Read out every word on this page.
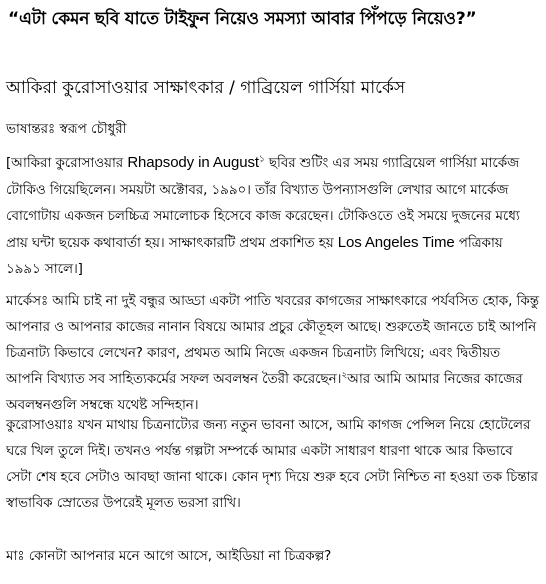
“এটা কেমন ছবি যাতে টাইফুন নিয়েও সমস্যা আবার পিঁপড়ে নিয়েও?”
আকিরা কুরোসাওয়ার সাক্ষাৎকার / গাব্রিয়েল গার্সিয়া মার্কেস
ভাষান্তরঃ স্বরূপ চৌধুরী
[আকিরা কুরোসাওয়ার Rhapsody in August$^১$ ছবির শুটিং এর সময় গ্যাব্রিয়েল গার্সিয়া মার্কেজ টোকিও গিয়েছিলেন। সময়টা অক্টোবর, ১৯৯০। তাঁর বিখ্যাত উপন্যাসগুলি লেখার আগে মার্কেজ বোগোটায় একজন চলচ্চিত্র সমালোচক হিসেবে কাজ করেছেন। টোকিওতে ওই সময়ে দুজনের মধ্যে প্রায় ঘন্টা ছয়েক কথাবার্তা হয়। সাক্ষাৎকারটি প্রথম প্রকাশিত হয় Los Angeles Time পত্রিকায় ১৯৯১ সালে।]
মার্কেসঃ আমি চাই না দুই বন্ধুর আড্ডা একটা পাতি খবরের কাগজের সাক্ষাৎকারে পর্যবসিত হোক, কিন্তু আপনার ও আপনার কাজের নানান বিষয়ে আমার প্রচুর কৌতূহল আছে। শুরুতেই জানতে চাই আপনি চিত্রনাট্য কিভাবে লেখেন? কারণ, প্রথমত আমি নিজে একজন চিত্রনাট্য লিখিয়ে; এবং দ্বিতীয়ত আপনি বিখ্যাত সব সাহিত্যকর্মের সফল অবলম্বন তৈরী করেছেন।$^২$আর আমি আমার নিজের কাজের অবলম্বনগুলি সম্বন্ধে যথেষ্ট সন্দিহান।
কুরোসাওয়াঃ যখন মাথায় চিত্রনাট্যের জন্য নতুন ভাবনা আসে, আমি কাগজ পেন্সিল নিয়ে হোটেলের ঘরে খিল তুলে দিই। তখনও পর্যন্ত গল্পটা সম্পর্কে আমার একটা সাধারণ ধারণা থাকে আর কিভাবে সেটা শেষ হবে সেটাও আবছা জানা থাকে। কোন দৃশ্য দিয়ে শুরু হবে সেটা নিশ্চিত না হওয়া তক চিন্তার স্বাভাবিক স্রোতের উপরেই মূলত ভরসা রাখি।
মাঃ কোনটা আপনার মনে আগে আসে, আইডিয়া না চিত্রকল্প?
